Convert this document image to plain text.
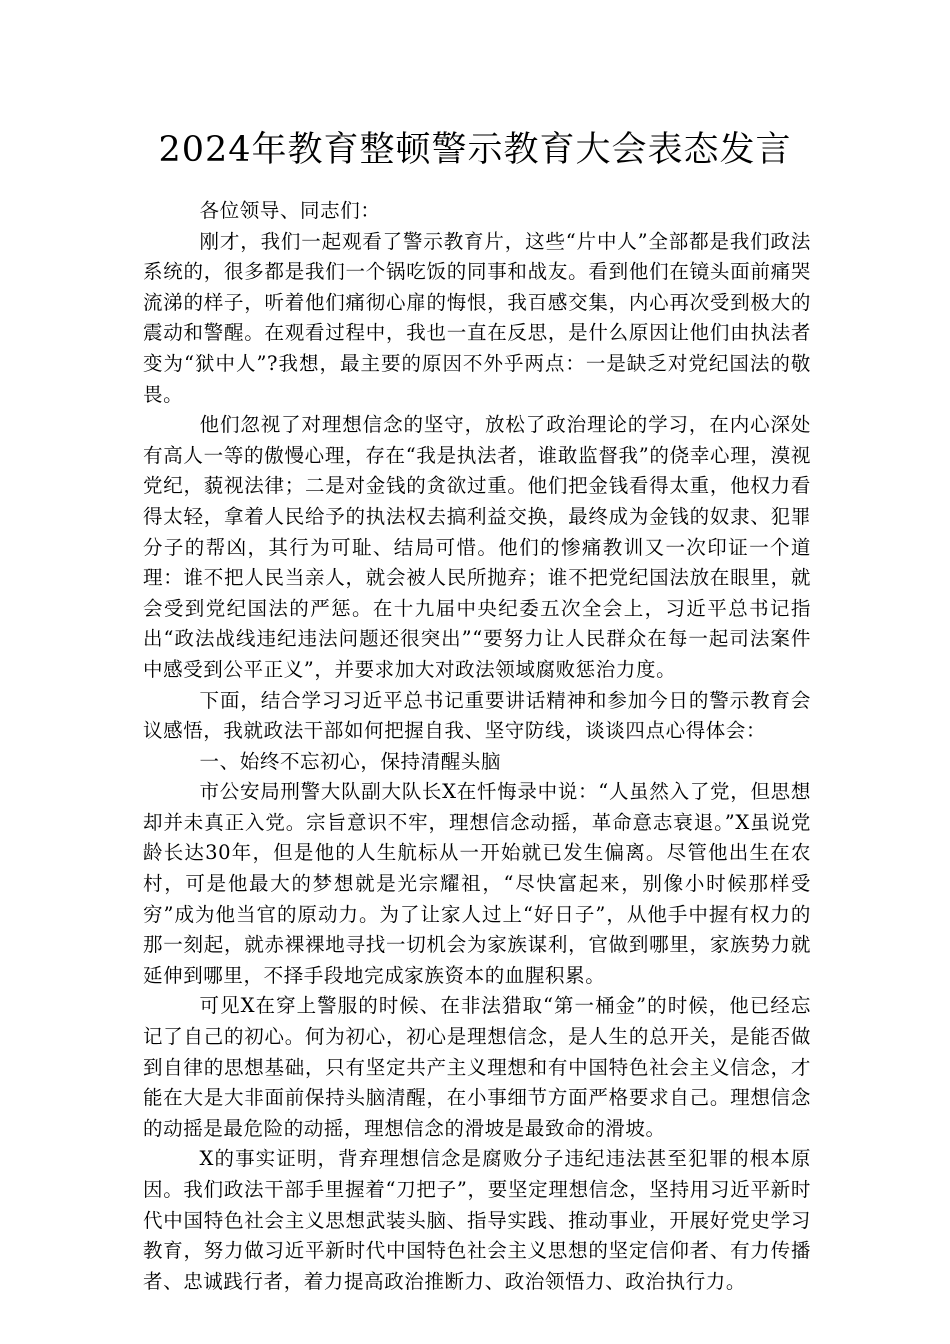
2024年教育整顿警示教育大会表态发言

各位领导、同志们：

刚才，我们一起观看了警示教育片，这些“片中人”全部都是我们政法系统的，很多都是我们一个锅吃饭的同事和战友。看到他们在镜头面前痛哭流涕的样子，听着他们痛彻心扉的悔恨，我百感交集，内心再次受到极大的震动和警醒。在观看过程中，我也一直在反思，是什么原因让他们由执法者变为“狱中人”?我想，最主要的原因不外乎两点：一是缺乏对党纪国法的敬畏。

他们忽视了对理想信念的坚守，放松了政治理论的学习，在内心深处有高人一等的傲慢心理，存在“我是执法者，谁敢监督我”的侥幸心理，漠视党纪，藐视法律；二是对金钱的贪欲过重。他们把金钱看得太重，他权力看得太轻，拿着人民给予的执法权去搞利益交换，最终成为金钱的奴隶、犯罪分子的帮凶，其行为可耻、结局可惜。他们的惨痛教训又一次印证一个道理：谁不把人民当亲人，就会被人民所抛弃；谁不把党纪国法放在眼里，就会受到党纪国法的严惩。在十九届中央纪委五次全会上，习近平总书记指出“政法战线违纪违法问题还很突出”“要努力让人民群众在每一起司法案件中感受到公平正义”，并要求加大对政法领域腐败惩治力度。

下面，结合学习习近平总书记重要讲话精神和参加今日的警示教育会议感悟，我就政法干部如何把握自我、坚守防线，谈谈四点心得体会：

一、始终不忘初心，保持清醒头脑

市公安局刑警大队副大队长X在忏悔录中说：“人虽然入了党，但思想却并未真正入党。宗旨意识不牢，理想信念动摇，革命意志衰退。”X虽说党龄长达30年，但是他的人生航标从一开始就已发生偏离。尽管他出生在农村，可是他最大的梦想就是光宗耀祖，“尽快富起来，别像小时候那样受穷”成为他当官的原动力。为了让家人过上“好日子”，从他手中握有权力的那一刻起，就赤裸裸地寻找一切机会为家族谋利，官做到哪里，家族势力就延伸到哪里，不择手段地完成家族资本的血腥积累。

可见X在穿上警服的时候、在非法猎取“第一桶金”的时候，他已经忘记了自己的初心。何为初心，初心是理想信念，是人生的总开关，是能否做到自律的思想基础，只有坚定共产主义理想和有中国特色社会主义信念，才能在大是大非面前保持头脑清醒，在小事细节方面严格要求自己。理想信念的动摇是最危险的动摇，理想信念的滑坡是最致命的滑坡。

X的事实证明，背弃理想信念是腐败分子违纪违法甚至犯罪的根本原因。我们政法干部手里握着“刀把子”，要坚定理想信念，坚持用习近平新时代中国特色社会主义思想武装头脑、指导实践、推动事业，开展好党史学习教育，努力做习近平新时代中国特色社会主义思想的坚定信仰者、有力传播者、忠诚践行者，着力提高政治推断力、政治领悟力、政治执行力。
